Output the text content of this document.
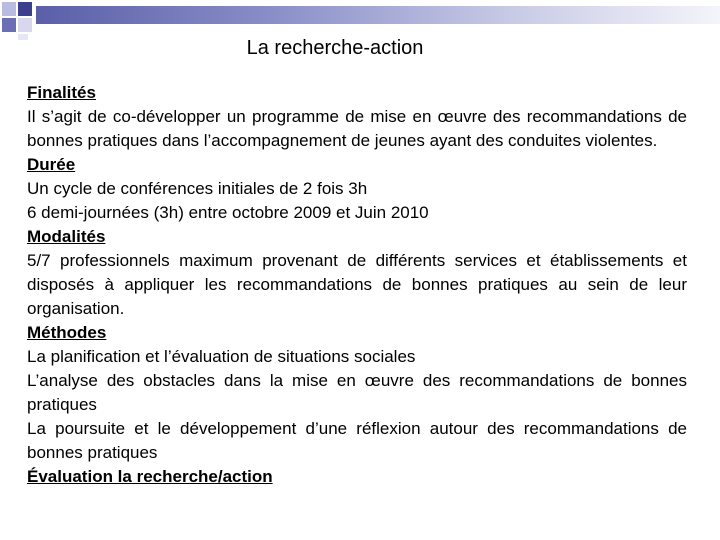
La recherche-action
Finalités
Il s’agit de co-développer un programme de mise en œuvre des recommandations de bonnes pratiques dans l’accompagnement de jeunes ayant des conduites violentes.
Durée
Un cycle de conférences initiales de 2 fois 3h
6 demi-journées (3h) entre octobre 2009 et Juin 2010
Modalités
5/7 professionnels maximum provenant de différents services et établissements et disposés à appliquer les recommandations de bonnes pratiques au sein de leur organisation.
Méthodes
La planification et l’évaluation de situations sociales
L’analyse des obstacles dans la mise en œuvre des recommandations de bonnes pratiques
La poursuite et le développement d’une réflexion autour des recommandations de bonnes pratiques
Évaluation la recherche/action
